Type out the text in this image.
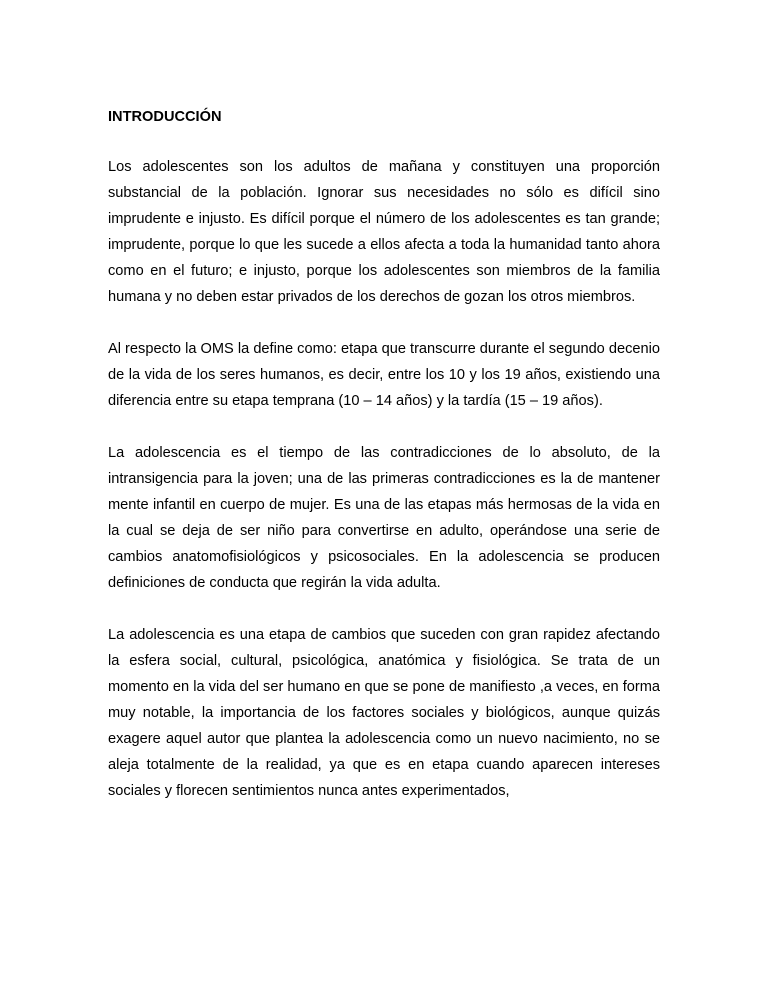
INTRODUCCIÓN

Los adolescentes son los adultos de mañana y constituyen una proporción substancial de la población. Ignorar sus necesidades no sólo es difícil sino imprudente e injusto. Es difícil porque el número de los adolescentes es tan grande; imprudente, porque lo que les sucede a ellos afecta a toda la humanidad tanto ahora como en el futuro; e injusto, porque los adolescentes son miembros de la familia humana y no deben estar privados de los derechos de gozan los otros miembros.

Al respecto la OMS la define como: etapa que transcurre durante el segundo decenio de la vida de los seres humanos, es decir, entre los 10 y los 19 años, existiendo una diferencia entre su etapa temprana (10 – 14 años) y la tardía (15 – 19 años).

La adolescencia es el tiempo de las contradicciones de lo absoluto, de la intransigencia para la joven; una de las primeras contradicciones es la de mantener mente infantil en cuerpo de mujer. Es una de las etapas más hermosas de la vida en la cual se deja de ser niño para convertirse en adulto, operándose una serie de cambios anatomofisiológicos y psicosociales. En la adolescencia se producen definiciones de conducta que regirán la vida adulta.

La adolescencia es una etapa de cambios que suceden con gran rapidez afectando la esfera social, cultural, psicológica, anatómica y fisiológica. Se trata de un momento en la vida del ser humano en que se pone de manifiesto ,a veces, en forma muy notable, la importancia de los factores sociales y biológicos, aunque quizás exagere aquel autor que plantea la adolescencia como un nuevo nacimiento, no se aleja totalmente de la realidad, ya que es en etapa cuando aparecen intereses sociales y florecen sentimientos nunca antes experimentados,
